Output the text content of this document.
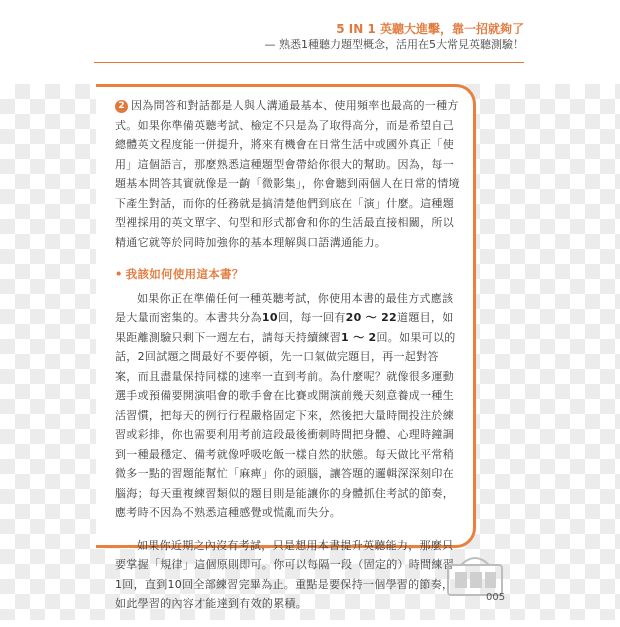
5 IN 1 英聽大進擊，靠一招就夠了
— 熟悉1種聽力題型概念，活用在5大常見英聽測驗！

2 因為問答和對話都是人與人溝通最基本、使用頻率也最高的一種方式。如果你準備英聽考試、檢定不只是為了取得高分，而是希望自己總體英文程度能一併提升，將來有機會在日常生活中或國外真正「使用」這個語言，那麼熟悉這種題型會帶給你很大的幫助。因為，每一題基本問答其實就像是一齣「微影集」，你會聽到兩個人在日常的情境下產生對話，而你的任務就是搞清楚他們到底在「演」什麼。這種題型裡採用的英文單字、句型和形式都會和你的生活最直接相關，所以精通它就等於同時加強你的基本理解與口語溝通能力。

• 我該如何使用這本書？

如果你正在準備任何一種英聽考試，你使用本書的最佳方式應該是大量而密集的。本書共分為10回，每一回有20 ～ 22道題目，如果距離測驗只剩下一週左右，請每天持續練習1 ～ 2回。如果可以的話，2回試題之間最好不要停頓，先一口氣做完題目，再一起對答案，而且盡量保持同樣的速率一直到考前。為什麼呢？就像很多運動選手或預備要開演唱會的歌手會在比賽或開演前幾天刻意養成一種生活習慣，把每天的例行行程嚴格固定下來，然後把大量時間投注於練習或彩排，你也需要利用考前這段最後衝刺時間把身體、心理時鐘調到一種最穩定、備考就像呼吸吃飯一樣自然的狀態。每天做比平常稍微多一點的習題能幫忙「麻痺」你的頭腦，讓答題的邏輯深深刻印在腦海；每天重複練習類似的題目則是能讓你的身體抓住考試的節奏，應考時不因為不熟悉這種感覺或慌亂而失分。

如果你近期之內沒有考試，只是想用本書提升英聽能力，那麼只要掌握「規律」這個原則即可。你可以每隔一段（固定的）時間練習1回，直到10回全部練習完畢為止。重點是要保持一個學習的節奏，如此學習的內容才能達到有效的累積。	005
